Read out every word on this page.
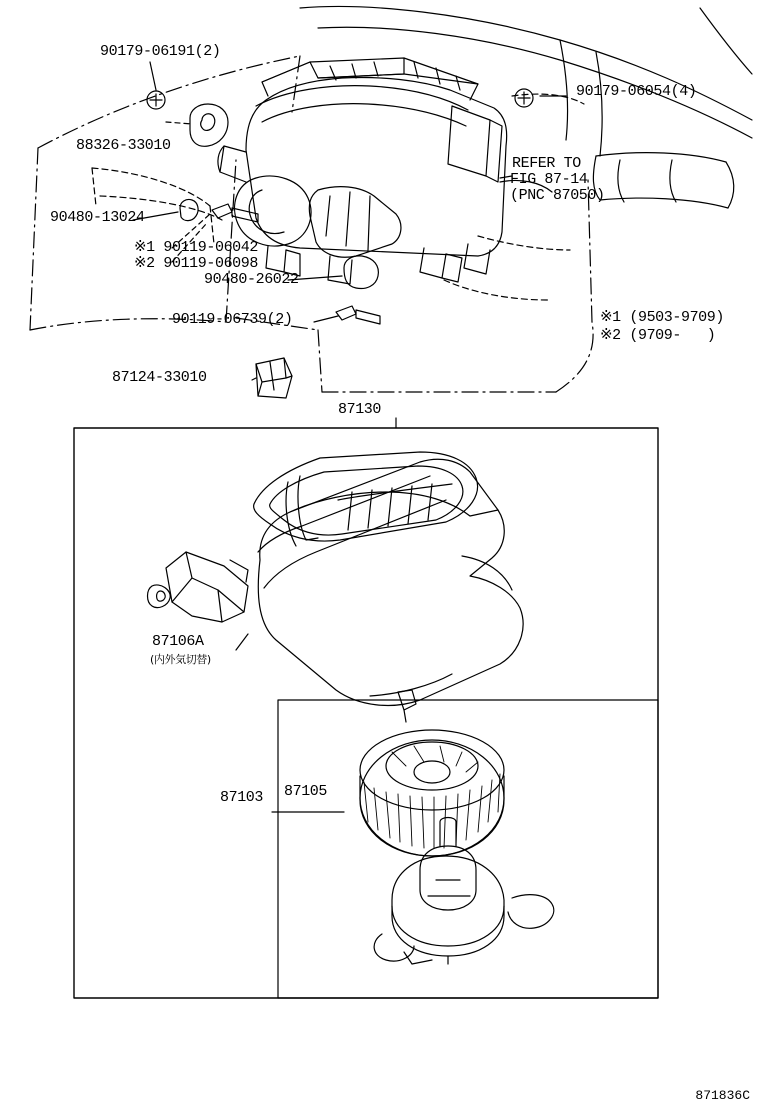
90179-06191(2)
88326-33010
90480-13024
※1 90119-06042
※2 90119-06098
90480-26022
90119-06739(2)
87124-33010
90179-06054(4)
REFER TO
FIG 87-14
(PNC 87050)
※1 (9503-9709)
※2 (9709-   )
87130
87106A
(内外気切替)
87103 87105
871836C
